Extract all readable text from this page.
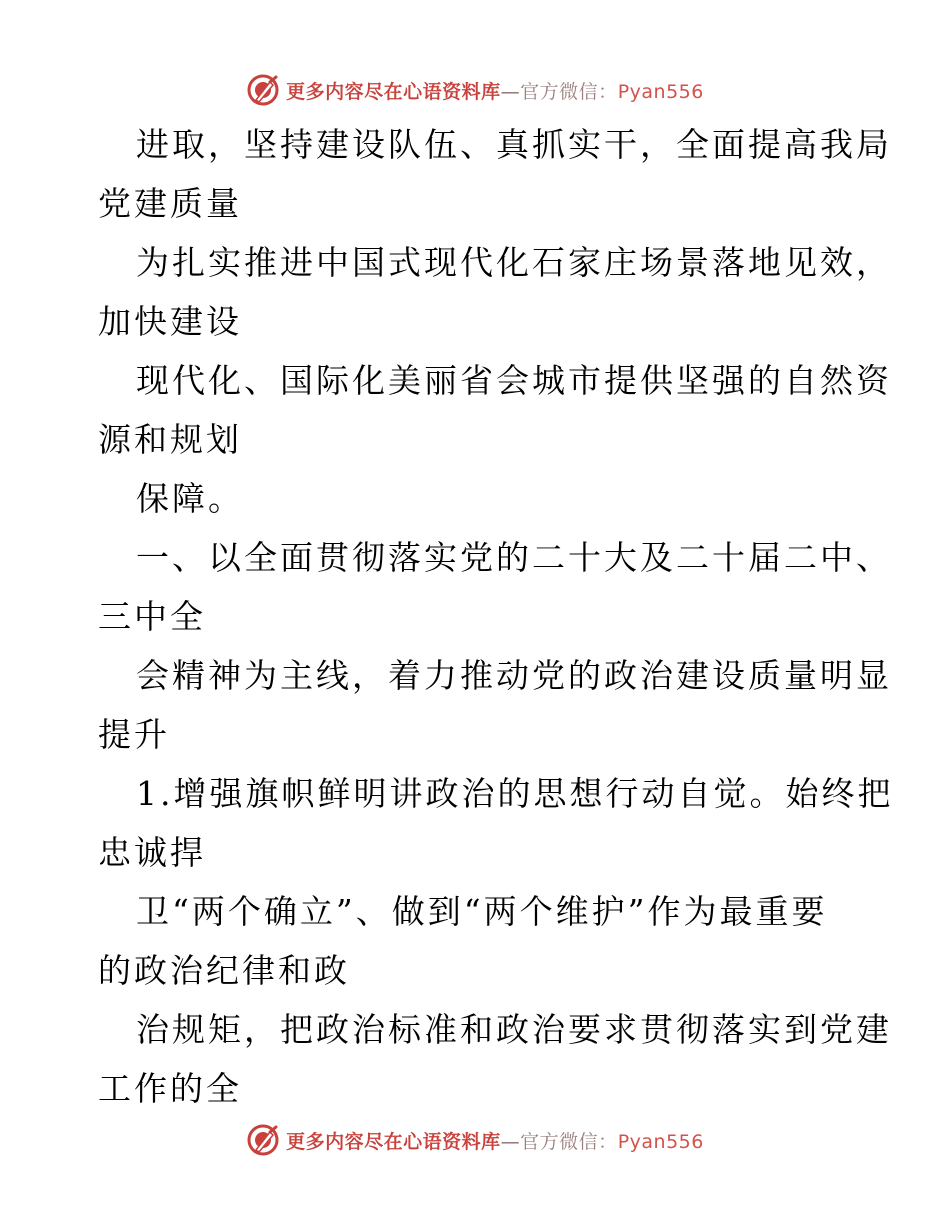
更多内容尽在心语资料库—官方微信：Pyan556
进取，坚持建设队伍、真抓实干，全面提高我局
党建质量
为扎实推进中国式现代化石家庄场景落地见效，
加快建设
现代化、国际化美丽省会城市提供坚强的自然资
源和规划
保障。
一、以全面贯彻落实党的二十大及二十届二中、
三中全
会精神为主线，着力推动党的政治建设质量明显
提升
1.增强旗帜鲜明讲政治的思想行动自觉。始终把
忠诚捍
卫“两个确立”、做到“两个维护”作为最重要
的政治纪律和政
治规矩，把政治标准和政治要求贯彻落实到党建
工作的全
更多内容尽在心语资料库—官方微信：Pyan556
